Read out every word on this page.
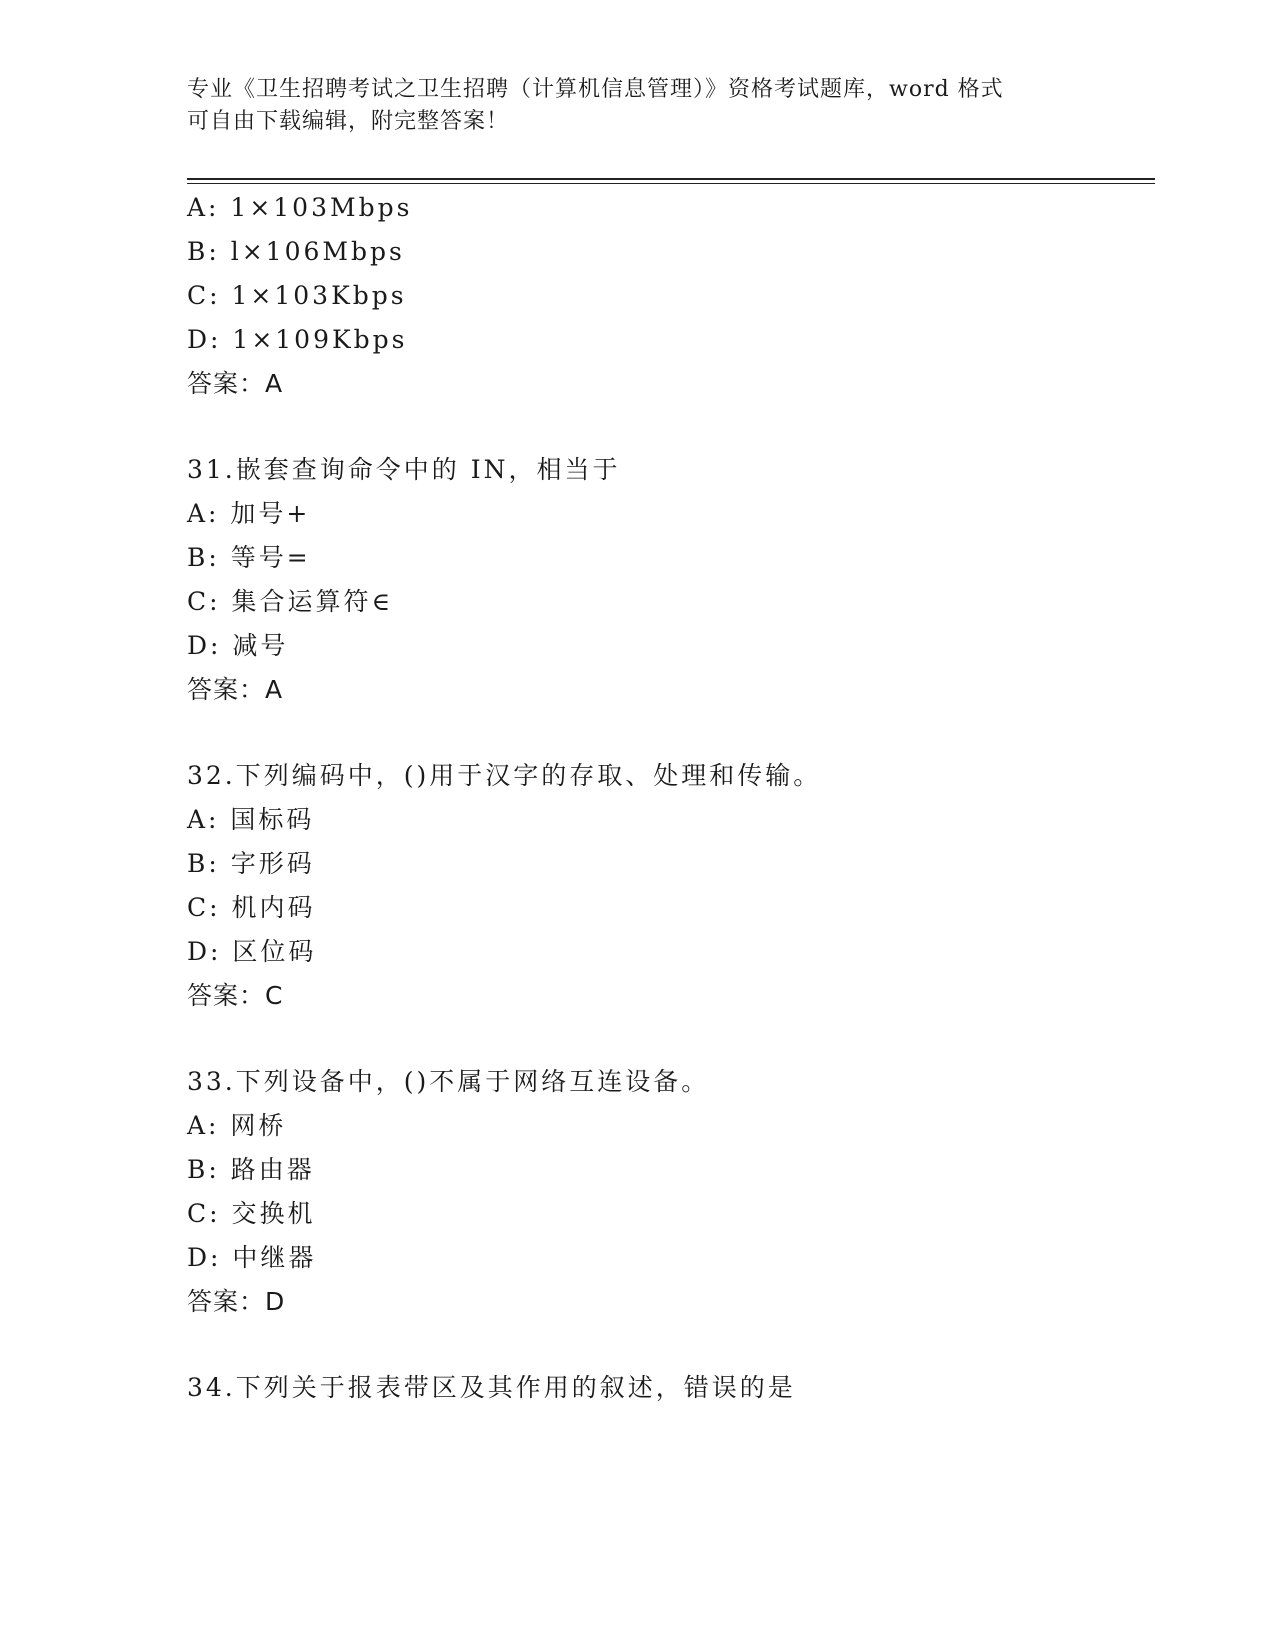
专业《卫生招聘考试之卫生招聘（计算机信息管理）》资格考试题库，word 格式
可自由下载编辑，附完整答案！
A: 1×103Mbps
B: l×106Mbps
C: 1×103Kbps
D: 1×109Kbps
答案：A
31.嵌套查询命令中的 IN，相当于
A: 加号+
B: 等号=
C: 集合运算符∈
D: 减号
答案：A
32.下列编码中，()用于汉字的存取、处理和传输。
A: 国标码
B: 字形码
C: 机内码
D: 区位码
答案：C
33.下列设备中，()不属于网络互连设备。
A: 网桥
B: 路由器
C: 交换机
D: 中继器
答案：D
34.下列关于报表带区及其作用的叙述，错误的是
